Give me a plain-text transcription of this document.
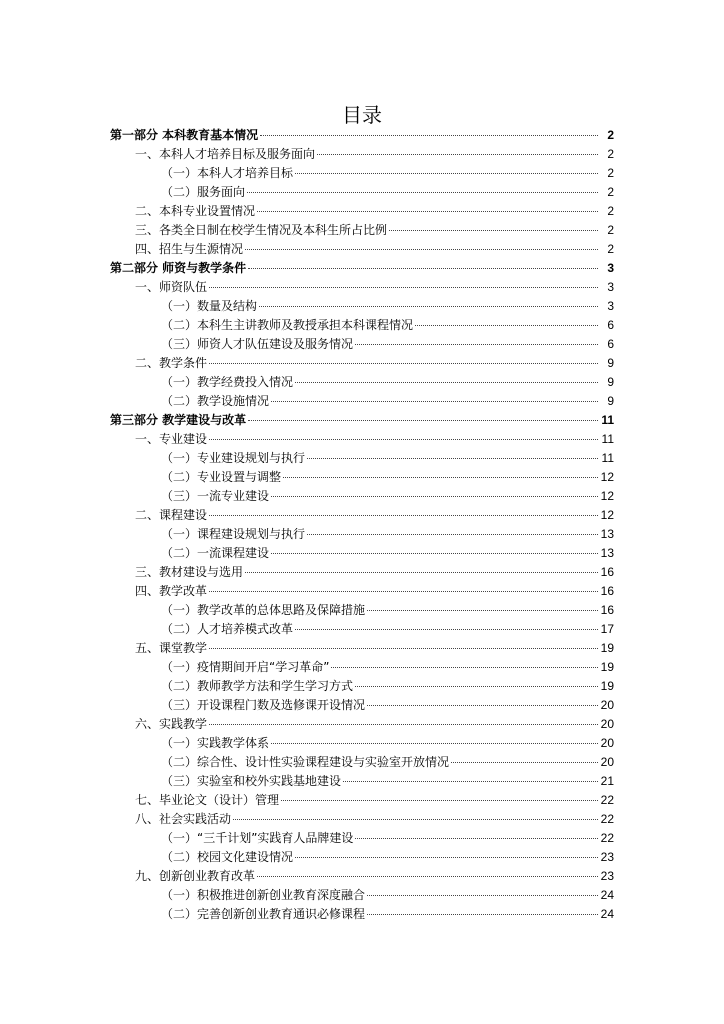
目录
第一部分 本科教育基本情况	2
一、本科人才培养目标及服务面向	2
（一）本科人才培养目标	2
（二）服务面向	2
二、本科专业设置情况	2
三、各类全日制在校学生情况及本科生所占比例	2
四、招生与生源情况	2
第二部分 师资与教学条件	3
一、师资队伍	3
（一）数量及结构	3
（二）本科生主讲教师及教授承担本科课程情况	6
（三）师资人才队伍建设及服务情况	6
二、教学条件	9
（一）教学经费投入情况	9
（二）教学设施情况	9
第三部分 教学建设与改革	11
一、专业建设	11
（一）专业建设规划与执行	11
（二）专业设置与调整	12
（三）一流专业建设	12
二、课程建设	12
（一）课程建设规划与执行	13
（二）一流课程建设	13
三、教材建设与选用	16
四、教学改革	16
（一）教学改革的总体思路及保障措施	16
（二）人才培养模式改革	17
五、课堂教学	19
（一）疫情期间开启“学习革命”	19
（二）教师教学方法和学生学习方式	19
（三）开设课程门数及选修课开设情况	20
六、实践教学	20
（一）实践教学体系	20
（二）综合性、设计性实验课程建设与实验室开放情况	20
（三）实验室和校外实践基地建设	21
七、毕业论文（设计）管理	22
八、社会实践活动	22
（一）“三千计划”实践育人品牌建设	22
（二）校园文化建设情况	23
九、创新创业教育改革	23
（一）积极推进创新创业教育深度融合	24
（二）完善创新创业教育通识必修课程	24
